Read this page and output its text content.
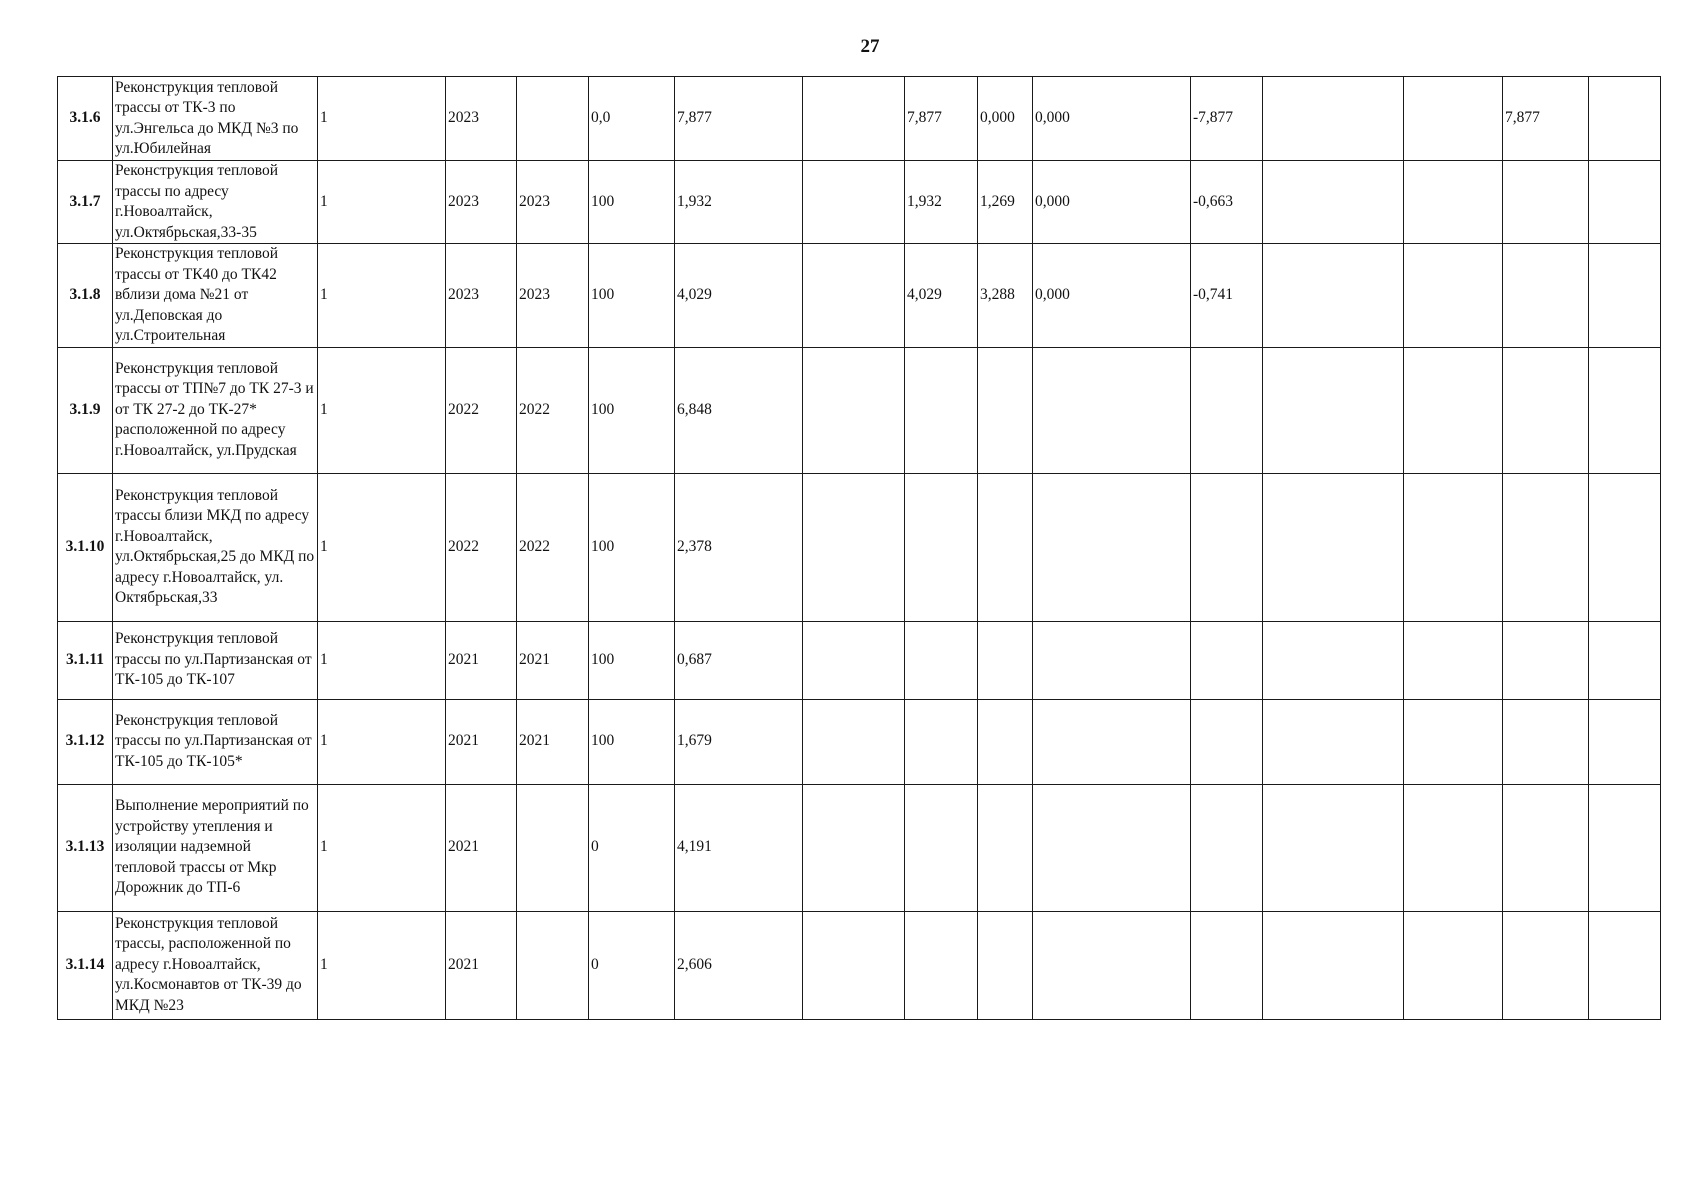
27
3.1.6	Реконструкция тепловой трассы от ТК-3 по ул.Энгельса до МКД №3 по ул.Юбилейная	1	2023		0,0	7,877		7,877	0,000	0,000	-7,877			7,877	
3.1.7	Реконструкция тепловой трассы по адресу г.Новоалтайск, ул.Октябрьская,33-35	1	2023	2023	100	1,932		1,932	1,269	0,000	-0,663				
3.1.8	Реконструкция тепловой трассы от ТК40 до ТК42 вблизи дома №21 от ул.Деповская до ул.Строительная	1	2023	2023	100	4,029		4,029	3,288	0,000	-0,741				
3.1.9	Реконструкция тепловой трассы от ТП№7 до ТК 27-3 и от ТК 27-2 до ТК-27* расположенной по адресу г.Новоалтайск, ул.Прудская	1	2022	2022	100	6,848									
3.1.10	Реконструкция тепловой трассы близи МКД по адресу г.Новоалтайск, ул.Октябрьская,25 до МКД по адресу г.Новоалтайск, ул. Октябрьская,33	1	2022	2022	100	2,378									
3.1.11	Реконструкция тепловой трассы по ул.Партизанская от ТК-105 до ТК-107	1	2021	2021	100	0,687									
3.1.12	Реконструкция тепловой трассы по ул.Партизанская от ТК-105 до ТК-105*	1	2021	2021	100	1,679									
3.1.13	Выполнение мероприятий по устройству утепления и изоляции надземной тепловой трассы от Мкр Дорожник до ТП-6	1	2021		0	4,191									
3.1.14	Реконструкция тепловой трассы, расположенной по адресу г.Новоалтайск, ул.Космонавтов от ТК-39 до МКД №23	1	2021		0	2,606									
